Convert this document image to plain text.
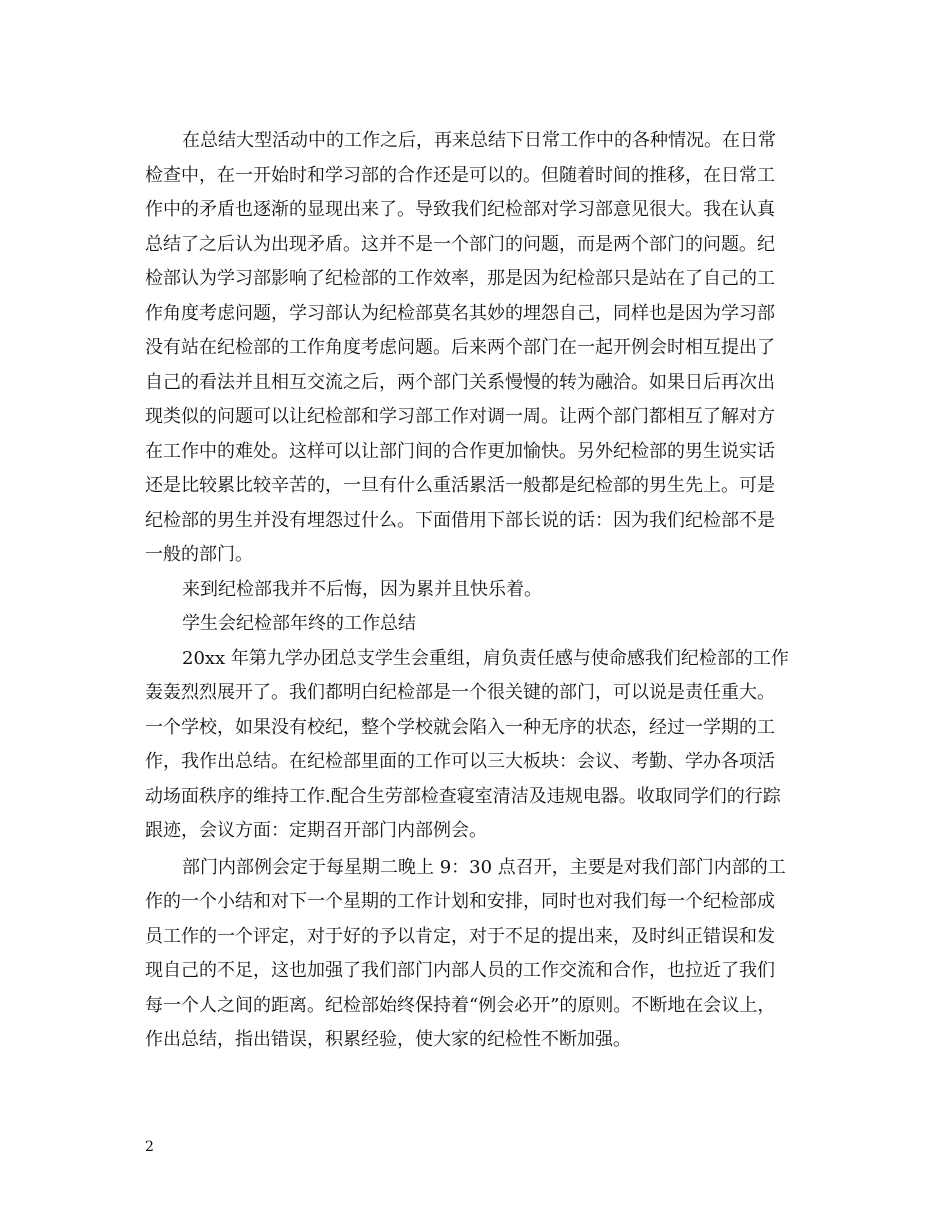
在总结大型活动中的工作之后，再来总结下日常工作中的各种情况。在日常
检查中，在一开始时和学习部的合作还是可以的。但随着时间的推移，在日常工
作中的矛盾也逐渐的显现出来了。导致我们纪检部对学习部意见很大。我在认真
总结了之后认为出现矛盾。这并不是一个部门的问题，而是两个部门的问题。纪
检部认为学习部影响了纪检部的工作效率，那是因为纪检部只是站在了自己的工
作角度考虑问题，学习部认为纪检部莫名其妙的埋怨自己，同样也是因为学习部
没有站在纪检部的工作角度考虑问题。后来两个部门在一起开例会时相互提出了
自己的看法并且相互交流之后，两个部门关系慢慢的转为融洽。如果日后再次出
现类似的问题可以让纪检部和学习部工作对调一周。让两个部门都相互了解对方
在工作中的难处。这样可以让部门间的合作更加愉快。另外纪检部的男生说实话
还是比较累比较辛苦的，一旦有什么重活累活一般都是纪检部的男生先上。可是
纪检部的男生并没有埋怨过什么。下面借用下部长说的话：因为我们纪检部不是
一般的部门。
来到纪检部我并不后悔，因为累并且快乐着。
学生会纪检部年终的工作总结
20xx 年第九学办团总支学生会重组，肩负责任感与使命感我们纪检部的工作
轰轰烈烈展开了。我们都明白纪检部是一个很关键的部门，可以说是责任重大。
一个学校，如果没有校纪，整个学校就会陷入一种无序的状态，经过一学期的工
作，我作出总结。在纪检部里面的工作可以三大板块：会议、考勤、学办各项活
动场面秩序的维持工作.配合生劳部检查寝室清洁及违规电器。收取同学们的行踪
跟迹，会议方面：定期召开部门内部例会。
部门内部例会定于每星期二晚上 9：30 点召开，主要是对我们部门内部的工
作的一个小结和对下一个星期的工作计划和安排，同时也对我们每一个纪检部成
员工作的一个评定，对于好的予以肯定，对于不足的提出来，及时纠正错误和发
现自己的不足，这也加强了我们部门内部人员的工作交流和合作，也拉近了我们
每一个人之间的距离。纪检部始终保持着“例会必开”的原则。不断地在会议上，
作出总结，指出错误，积累经验，使大家的纪检性不断加强。
2
